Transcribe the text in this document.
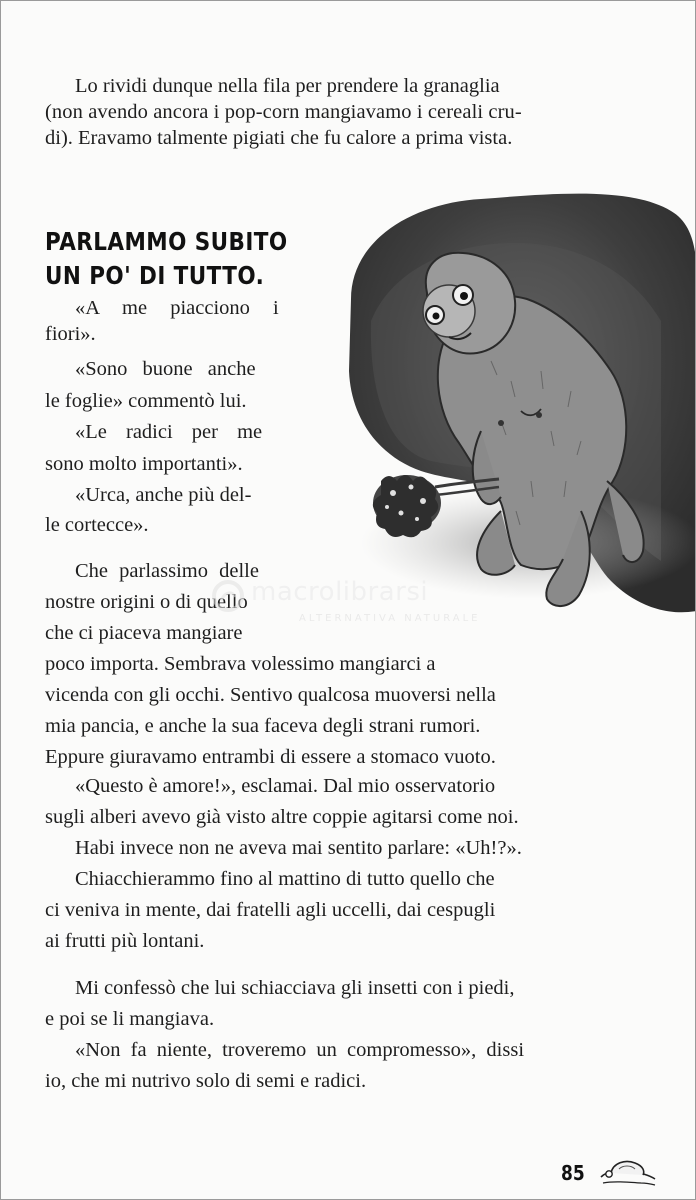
Lo rividi dunque nella fila per prendere la granaglia

(non avendo ancora i pop-corn mangiavamo i cereali cru-

di). Eravamo talmente pigiati che fu calore a prima vista.

PARLAMMO SUBITO
UN PO' DI TUTTO.

«A me piacciono i

fiori».

«Sono buone anche

le foglie» commentò lui.

«Le radici per me

sono molto importanti».

«Urca, anche più del-

le cortecce».

Che parlassimo delle

nostre origini o di quello

che ci piaceva mangiare

poco importa. Sembrava volessimo mangiarci a

vicenda con gli occhi. Sentivo qualcosa muoversi nella

mia pancia, e anche la sua faceva degli strani rumori.

Eppure giuravamo entrambi di essere a stomaco vuoto.

«Questo è amore!», esclamai. Dal mio osservatorio

sugli alberi avevo già visto altre coppie agitarsi come noi.

Habi invece non ne aveva mai sentito parlare: «Uh!?».

Chiacchierammo fino al mattino di tutto quello che

ci veniva in mente, dai fratelli agli uccelli, dai cespugli

ai frutti più lontani.

Mi confessò che lui schiacciava gli insetti con i piedi,

e poi se li mangiava.

«Non fa niente, troveremo un compromesso», dissi

io, che mi nutrivo solo di semi e radici.

macrolibrarsi
ALTERNATIVA NATURALE
85
